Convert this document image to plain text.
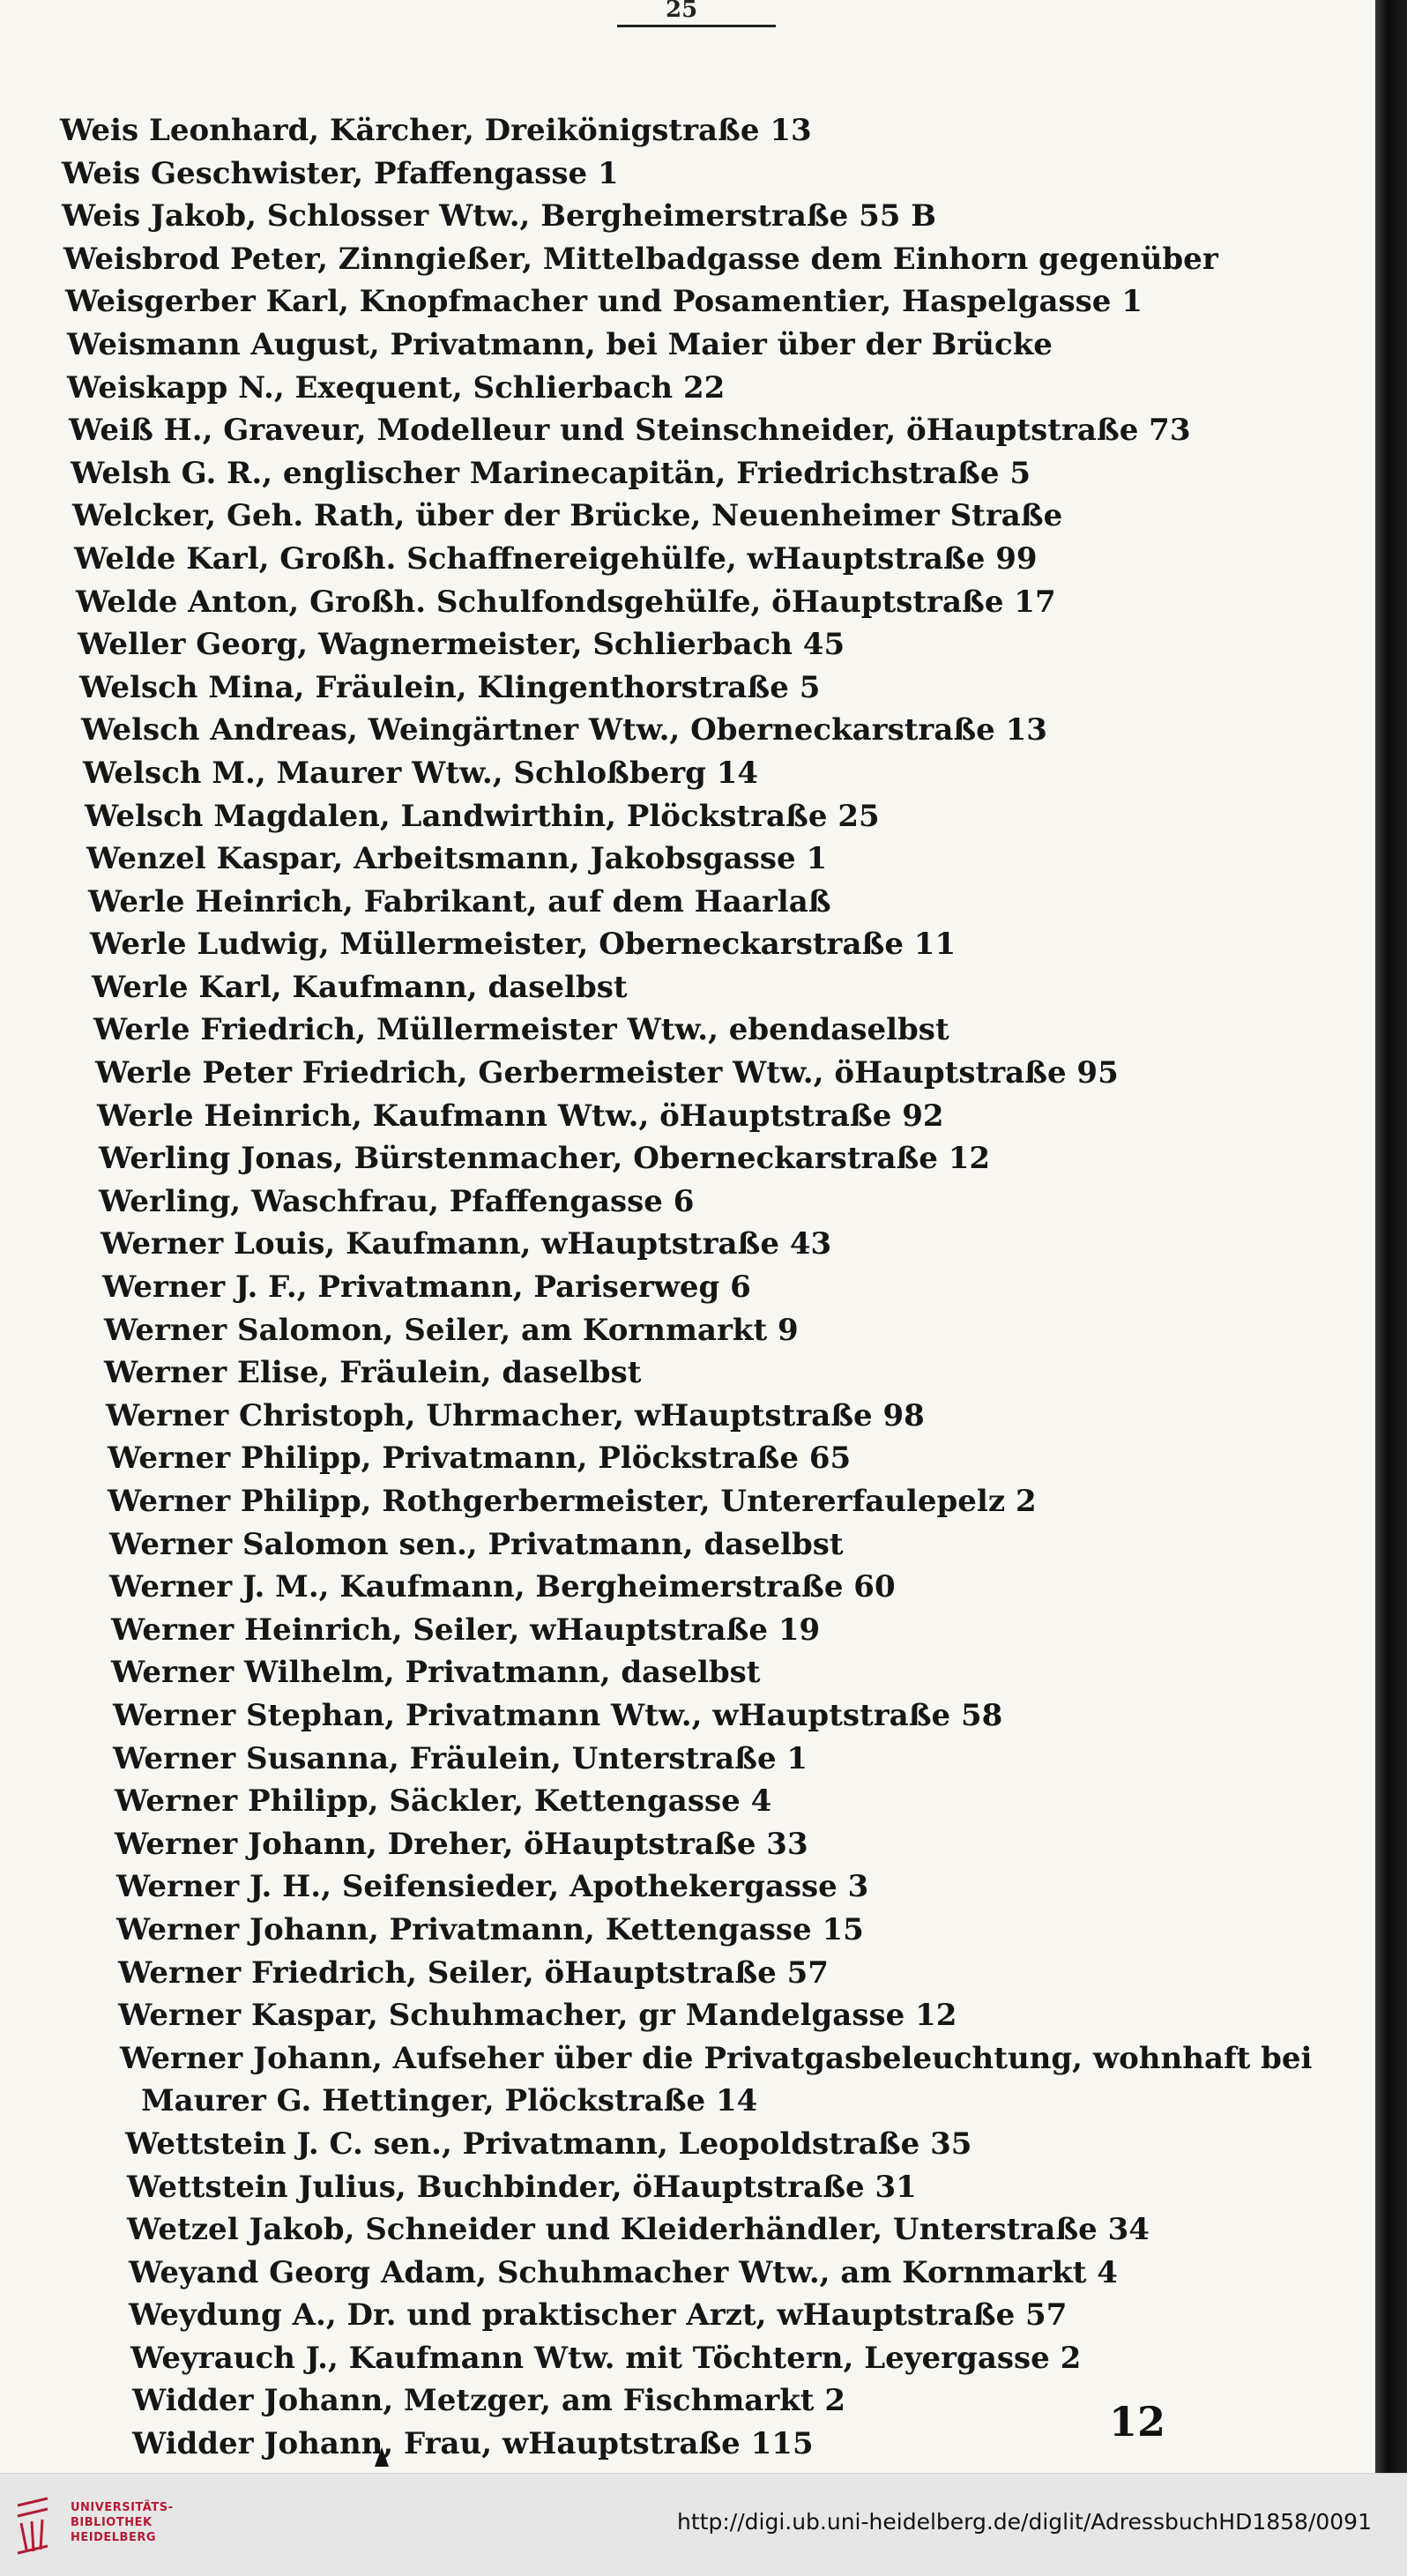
25
Weis Leonhard, Kärcher, Dreikönigstraße 13
Weis Geschwister, Pfaffengasse 1
Weis Jakob, Schlosser Wtw., Bergheimerstraße 55 B
Weisbrod Peter, Zinngießer, Mittelbadgasse dem Einhorn gegenüber
Weisgerber Karl, Knopfmacher und Posamentier, Haspelgasse 1
Weismann August, Privatmann, bei Maier über der Brücke
Weiskapp N., Exequent, Schlierbach 22
Weiß H., Graveur, Modelleur und Steinschneider, öHauptstraße 73
Welsh G. R., englischer Marinecapitän, Friedrichstraße 5
Welcker, Geh. Rath, über der Brücke, Neuenheimer Straße
Welde Karl, Großh. Schaffnereigehülfe, wHauptstraße 99
Welde Anton, Großh. Schulfondsgehülfe, öHauptstraße 17
Weller Georg, Wagnermeister, Schlierbach 45
Welsch Mina, Fräulein, Klingenthorstraße 5
Welsch Andreas, Weingärtner Wtw., Oberneckarstraße 13
Welsch M., Maurer Wtw., Schloßberg 14
Welsch Magdalen, Landwirthin, Plöckstraße 25
Wenzel Kaspar, Arbeitsmann, Jakobsgasse 1
Werle Heinrich, Fabrikant, auf dem Haarlaß
Werle Ludwig, Müllermeister, Oberneckarstraße 11
Werle Karl, Kaufmann, daselbst
Werle Friedrich, Müllermeister Wtw., ebendaselbst
Werle Peter Friedrich, Gerbermeister Wtw., öHauptstraße 95
Werle Heinrich, Kaufmann Wtw., öHauptstraße 92
Werling Jonas, Bürstenmacher, Oberneckarstraße 12
Werling, Waschfrau, Pfaffengasse 6
Werner Louis, Kaufmann, wHauptstraße 43
Werner J. F., Privatmann, Pariserweg 6
Werner Salomon, Seiler, am Kornmarkt 9
Werner Elise, Fräulein, daselbst
Werner Christoph, Uhrmacher, wHauptstraße 98
Werner Philipp, Privatmann, Plöckstraße 65
Werner Philipp, Rothgerbermeister, Untererfaulepelz 2
Werner Salomon sen., Privatmann, daselbst
Werner J. M., Kaufmann, Bergheimerstraße 60
Werner Heinrich, Seiler, wHauptstraße 19
Werner Wilhelm, Privatmann, daselbst
Werner Stephan, Privatmann Wtw., wHauptstraße 58
Werner Susanna, Fräulein, Unterstraße 1
Werner Philipp, Säckler, Kettengasse 4
Werner Johann, Dreher, öHauptstraße 33
Werner J. H., Seifensieder, Apothekergasse 3
Werner Johann, Privatmann, Kettengasse 15
Werner Friedrich, Seiler, öHauptstraße 57
Werner Kaspar, Schuhmacher, gr Mandelgasse 12
Werner Johann, Aufseher über die Privatgasbeleuchtung, wohnhaft bei
Maurer G. Hettinger, Plöckstraße 14
Wettstein J. C. sen., Privatmann, Leopoldstraße 35
Wettstein Julius, Buchbinder, öHauptstraße 31
Wetzel Jakob, Schneider und Kleiderhändler, Unterstraße 34
Weyand Georg Adam, Schuhmacher Wtw., am Kornmarkt 4
Weydung A., Dr. und praktischer Arzt, wHauptstraße 57
Weyrauch J., Kaufmann Wtw. mit Töchtern, Leyergasse 2
Widder Johann, Metzger, am Fischmarkt 2
Widder Johann, Frau, wHauptstraße 115	12
UNIVERSITÄTS-
BIBLIOTHEK
HEIDELBERG
http://digi.ub.uni-heidelberg.de/diglit/AdressbuchHD1858/0091
